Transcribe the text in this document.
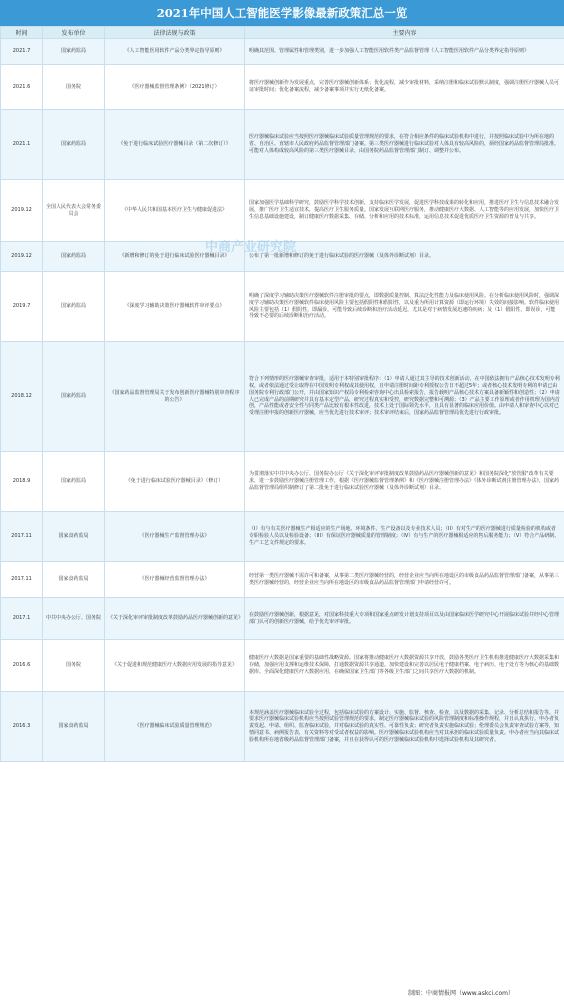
2021年中国人工智能医学影像最新政策汇总一览
时间	发布单位	法律法规与政策	主要内容
2021.7	国家药监局	《人工智能医用软件产品分类界定指导原则》	明确其范围、管理属性和管理类别，进一步加强人工智能医用软件类产品监督管理《人工智能医用软件产品分类界定指导原则》
2021.6	国务院	《医疗器械监督管理条例》（2021修订）	将医疗器械创新作为发展重点，完善医疗器械创新体系；优化流程，减少审批材料，采纳注册和临床试验默认制度，强调注册医疗器械人员可证审批时间；优化备案流程，减少备案事项并实行无纸化备案。
2021.1	国家药监局	《免于进行临床试验医疗器械目录（第二次修订）》	医疗器械临床试验应当按照医疗器械临床试验质量管理规范的要求，在符合相应条件的临床试验机构中进行，并按照临床试验中为所在地的省、自治区、直辖市人民政府药品监督管理部门备案。第三类医疗器械进行临床试验对人体具有较高风险的，须经国家药品监督管理局批准。可能对人体构成较高风险的第三类医疗器械目录，由国务院药品监督管理部门制订、调整并公布。
2019.12	全国人民代表大会常务委员会	《中华人民共和国基本医疗卫生与健康促进法》	国家加强医学基础科学研究，鼓励医学科学技术创新，支持临床医学发展，促进医学科技成果的转化和应用，推进医疗卫生与信息技术融合发展，推广医疗卫生适宜技术，提高医疗卫生服务质量。国家发展互联网医疗服务，推动健康医疗大数据、人工智能等的应用发展，加快医疗卫生信息基础设施建设，制订健康医疗数据采集、存储、分析和应用的技术标准，运用信息技术促进优质医疗卫生资源的普及与共享。
2019.12	国家药监局	《新增和修订的免于进行临床试验医疗器械目录》	公布了第一批新增和修订的免于进行临床试验的医疗器械（及体外诊断试剂）目录。
2019.7	国家药监局	《深度学习辅助决策医疗器械软件审评要点》	明确了深度学习辅助决策医疗器械软件注册审批的要点，即数据质量控制、算法泛化性能力及临床使用风险。在分析临床使用风险时，强调深度学习辅助决策医疗器械软件临床使用风险主要包括假阴性和假阳性，以及重为所用计算资源（即运行环境）失效的间接影响。软件临床使用风险主要包括（1）假阴性，即漏诊，可能导致后续诊断和治疗活动延迟，尤其是对于病情发展迅速的疾病；及（1）假阳性，即误诊，可能导致不必要的后续诊断和治疗活动。
2018.12	国家药监局	《国家药品监督管理局关于发布创新医疗器械特别审查程序的公告》	符合下列情形的医疗器械审查审批，适用于本特别审批程序：（1）申请人通过其主导的技术创新活动，在中国依法拥有产品核心技术发明专利权，或者依法通过受让取得在中国发明专利权或其使用权，且申请注册时间距专利授权公告日不超过5年；或者核心技术发明专利的申请已由国务院专利行政部门公开，并由国家知识产权局专利检索咨询中心出具检索报告，报告载明产品核心技术方案具备新颖性和创造性；（2）申请人已完成产品的前期研究并具有基本定型产品，研究过程真实和受控，研究数据完整和可溯源；（3）产品主要工作原理或者作用机理为国内首创，产品性能或者安全性与同类产品比较有根本性改进，技术上处于国际领先水平，且具有显著的临床应用价值。由申请人和审查中心以对已受理注册申报的创新医疗器械，应当优先进行技术审评；技术审评结束后，国家药品监督管理局优先进行行政审批。
2018.9	国家药监局	《免于进行临床试验医疗器械目录》（修订）	为贯彻落实中共中央办公厅、国务院办公厅《关于深化审评审批制度改革鼓励药品医疗器械创新的意见》和国务院深化"放管服"改革有关要求，进一步鼓励医疗器械注册管理工作，根据《医疗器械监督管理条例》和《医疗器械注册管理办法》《体外诊断试剂注册管理办法》，国家药品监督管理局组织制修订了第二批免于进行临床试验医疗器械（及体外诊断试剂）目录。
2017.11	国家食药监局	《医疗器械生产监督管理办法》	（I）有与有关医疗器械生产相适应的生产场地、环境条件、生产设备以及专业技术人员；（II）有对生产的医疗器械进行质量检验的机构或者专职检验人员以及检验设备；（III）有保证医疗器械质量的管理制度；（IV）有与生产的医疗器械相适应的售后服务能力；（V）符合产品研制、生产工艺文件规定的要求。
2017.11	国家食药监局	《医疗器械经营监督管理办法》	经营第一类医疗器械不需许可和备案，从事第二类医疗器械经营的，经营企业应当向所在地设区的市级食品药品监督管理部门备案，从事第三类医疗器械经营的，经营企业应当向所在地设区的市级食品药品监督管理部门申请经营许可。
2017.1	中共中央办公厅、国务院	《关于深化审评审批制度改革鼓励药品医疗器械创新的意见》	在鼓励医疗器械创新，根据意见，对国家科技重大专项和国家重点研发计划支持项目以及由国家临床医学研究中心开展临床试验并经中心管理部门认可的创新医疗器械，给予优先审评审批。
2016.6	国务院	《关于促进和规范健康医疗大数据应用发展的指导意见》	健康医疗大数据是国家重要的基础性战略资源。国家将推动健康医疗大数据资源共享开放，鼓励各类医疗卫生机构推进健康医疗大数据采集和存储，加强应用支撑和运维技术保障，打通数据资源共享通道。加快建设和完善以居民电子健康档案、电子病历、电子处方等为核心的基础数据库。全面深化健康医疗大数据应用，在确保国家卫生部门等各级卫生部门之间共享医疗大数据的机制。
2016.3	国家食药监局	《医疗器械临床试验质量管理规范》	本规范涵盖医疗器械临床试验全过程，包括临床试验的方案设计、实施、监督、核查、检查，以及数据的采集、记录、分析总结和报告等。并要求医疗器械临床试验机构应当按照试验管理规范的要求，制定医疗器械临床试验的风险管理制度和标准操作规程，并且认真执行。申办者负责发起、申请、组织、监查临床试验，并对临床试验的真实性、可靠性负责；研究者负责实施临床试验；伦理委员会负责审查试验方案等，知情同意书、病例报告表，有关资料等对受试者权益的影响。医疗器械临床试验机构应当对其承担的临床试验质量负责。申办者应当向其临床试验机构所在地省级药品监督管理部门备案，并且在获得认可的医疗器械临床试验机构中选择试验机构及其研究者。
中商产业研究院
制图：中商情报网（www.askci.com）
